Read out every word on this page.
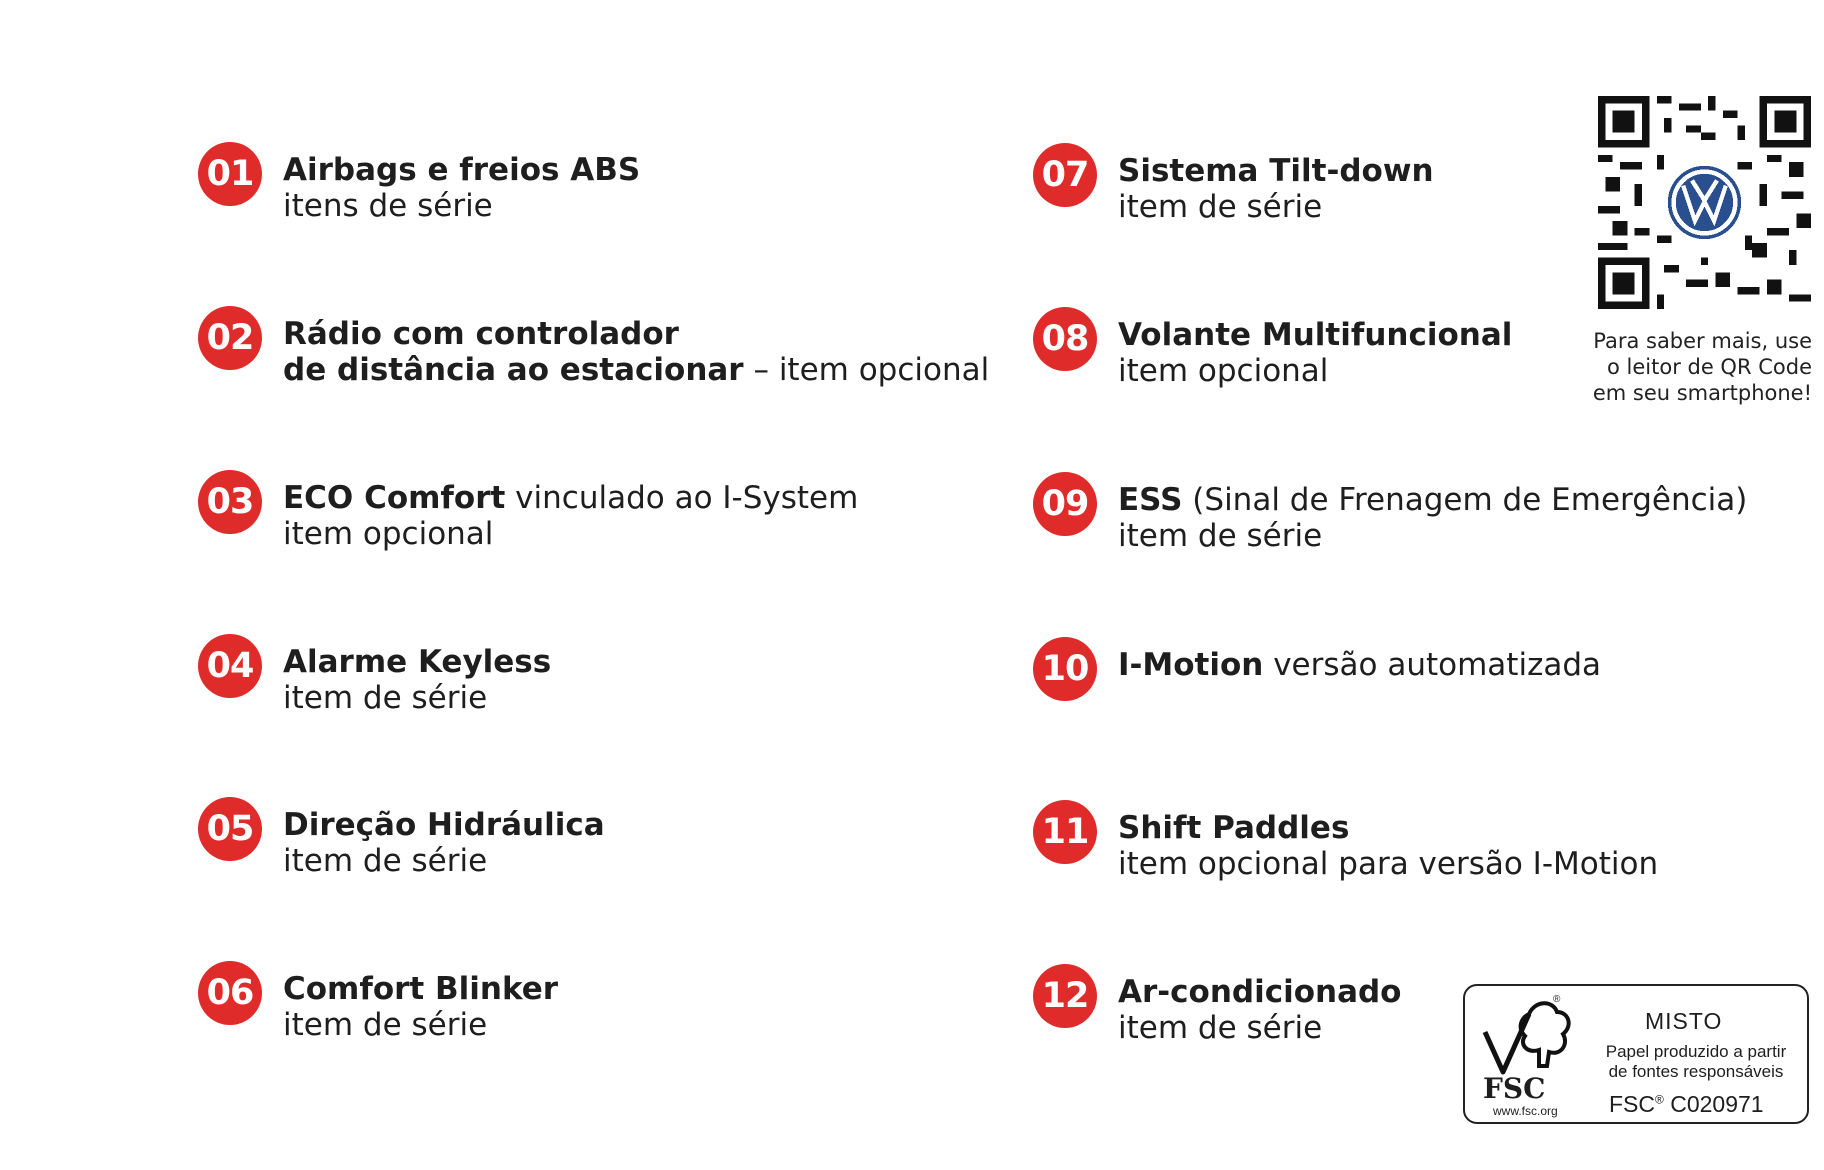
01 Airbags e freios ABS
itens de série
02 Rádio com controlador
de distância ao estacionar – item opcional
03 ECO Comfort vinculado ao I-System
item opcional
04 Alarme Keyless
item de série
05 Direção Hidráulica
item de série
06 Comfort Blinker
item de série
07 Sistema Tilt-down
item de série
08 Volante Multifuncional
item opcional
09 ESS (Sinal de Frenagem de Emergência)
item de série
10 I-Motion versão automatizada
11 Shift Paddles
item opcional para versão I-Motion
12 Ar-condicionado
item de série
Para saber mais, use
o leitor de QR Code
em seu smartphone!
®
FSC
www.fsc.org
MISTO
Papel produzido a partir
de fontes responsáveis
FSC® C020971
